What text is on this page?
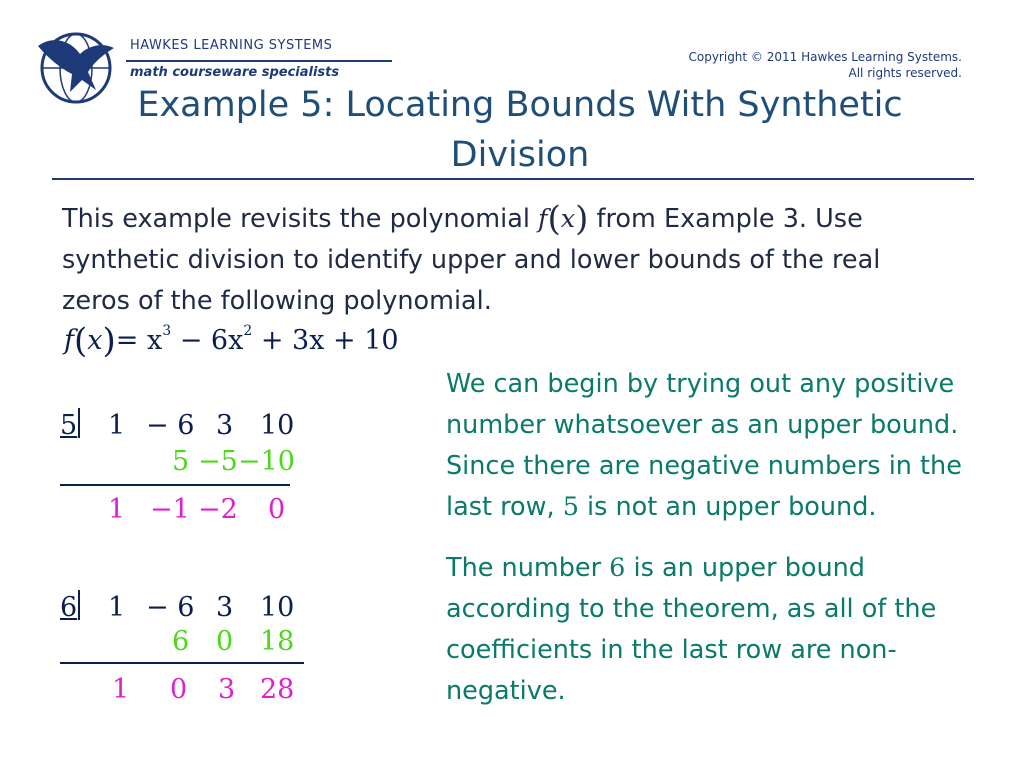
HAWKES LEARNING SYSTEMS
math courseware specialists
Copyright © 2011 Hawkes Learning Systems.
All rights reserved.
Example 5: Locating Bounds With Synthetic
Division
This example revisits the polynomial f(x) from Example 3. Use
synthetic division to identify upper and lower bounds of the real
zeros of the following polynomial.
$f(x)= x^3 - 6x^2 + 3x + 10$
5 1 − 6 3 10
5 −5 −10
1 −1 −2 0
6 1 − 6 3 10
6 0 18
1 0 3 28
We can begin by trying out any positive
number whatsoever as an upper bound.
Since there are negative numbers in the
last row, 5 is not an upper bound.
The number 6 is an upper bound
according to the theorem, as all of the
coefficients in the last row are non-
negative.
